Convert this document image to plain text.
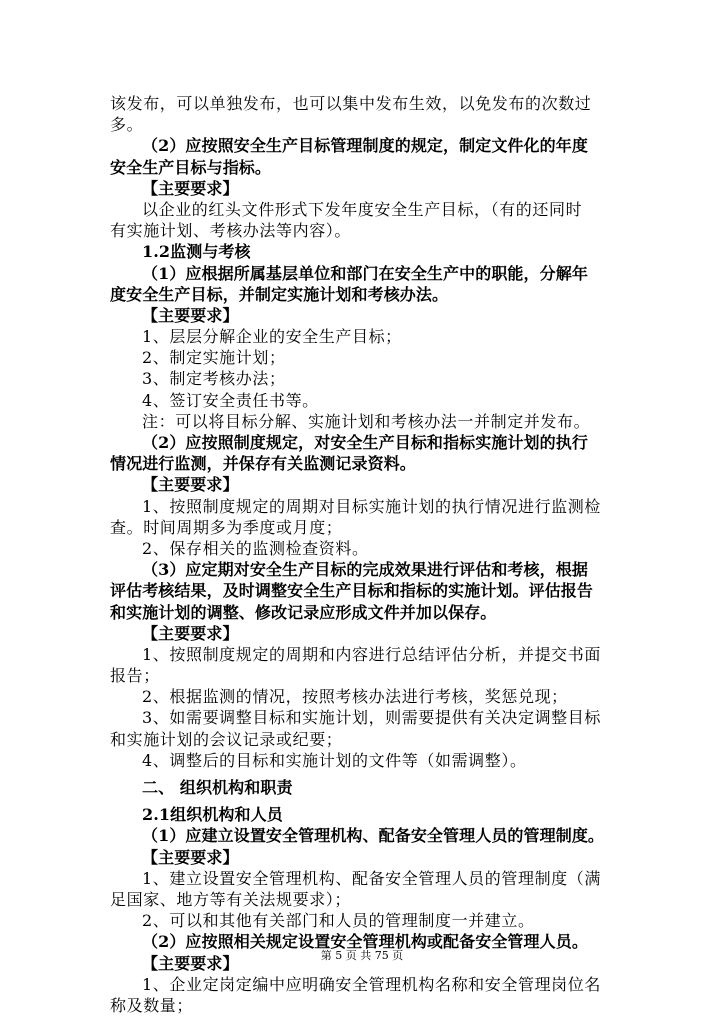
该发布，可以单独发布，也可以集中发布生效，以免发布的次数过
多。
（2）应按照安全生产目标管理制度的规定，制定文件化的年度
安全生产目标与指标。
【主要要求】
以企业的红头文件形式下发年度安全生产目标，（有的还同时
有实施计划、考核办法等内容）。
1.2监测与考核
（1）应根据所属基层单位和部门在安全生产中的职能，分解年
度安全生产目标，并制定实施计划和考核办法。
【主要要求】
1、层层分解企业的安全生产目标；
2、制定实施计划；
3、制定考核办法；
4、签订安全责任书等。
注：可以将目标分解、实施计划和考核办法一并制定并发布。
（2）应按照制度规定，对安全生产目标和指标实施计划的执行
情况进行监测，并保存有关监测记录资料。
【主要要求】
1、按照制度规定的周期对目标实施计划的执行情况进行监测检
查。时间周期多为季度或月度；
2、保存相关的监测检查资料。
（3）应定期对安全生产目标的完成效果进行评估和考核，根据
评估考核结果，及时调整安全生产目标和指标的实施计划。评估报告
和实施计划的调整、修改记录应形成文件并加以保存。
【主要要求】
1、按照制度规定的周期和内容进行总结评估分析，并提交书面
报告；
2、根据监测的情况，按照考核办法进行考核，奖惩兑现；
3、如需要调整目标和实施计划，则需要提供有关决定调整目标
和实施计划的会议记录或纪要；
4、调整后的目标和实施计划的文件等（如需调整）。
二、 组织机构和职责
2.1组织机构和人员
（1）应建立设置安全管理机构、配备安全管理人员的管理制度。
【主要要求】
1、建立设置安全管理机构、配备安全管理人员的管理制度（满
足国家、地方等有关法规要求）；
2、可以和其他有关部门和人员的管理制度一并建立。
（2）应按照相关规定设置安全管理机构或配备安全管理人员。
【主要要求】
1、企业定岗定编中应明确安全管理机构名称和安全管理岗位名
称及数量；
第 5 页 共 75 页
